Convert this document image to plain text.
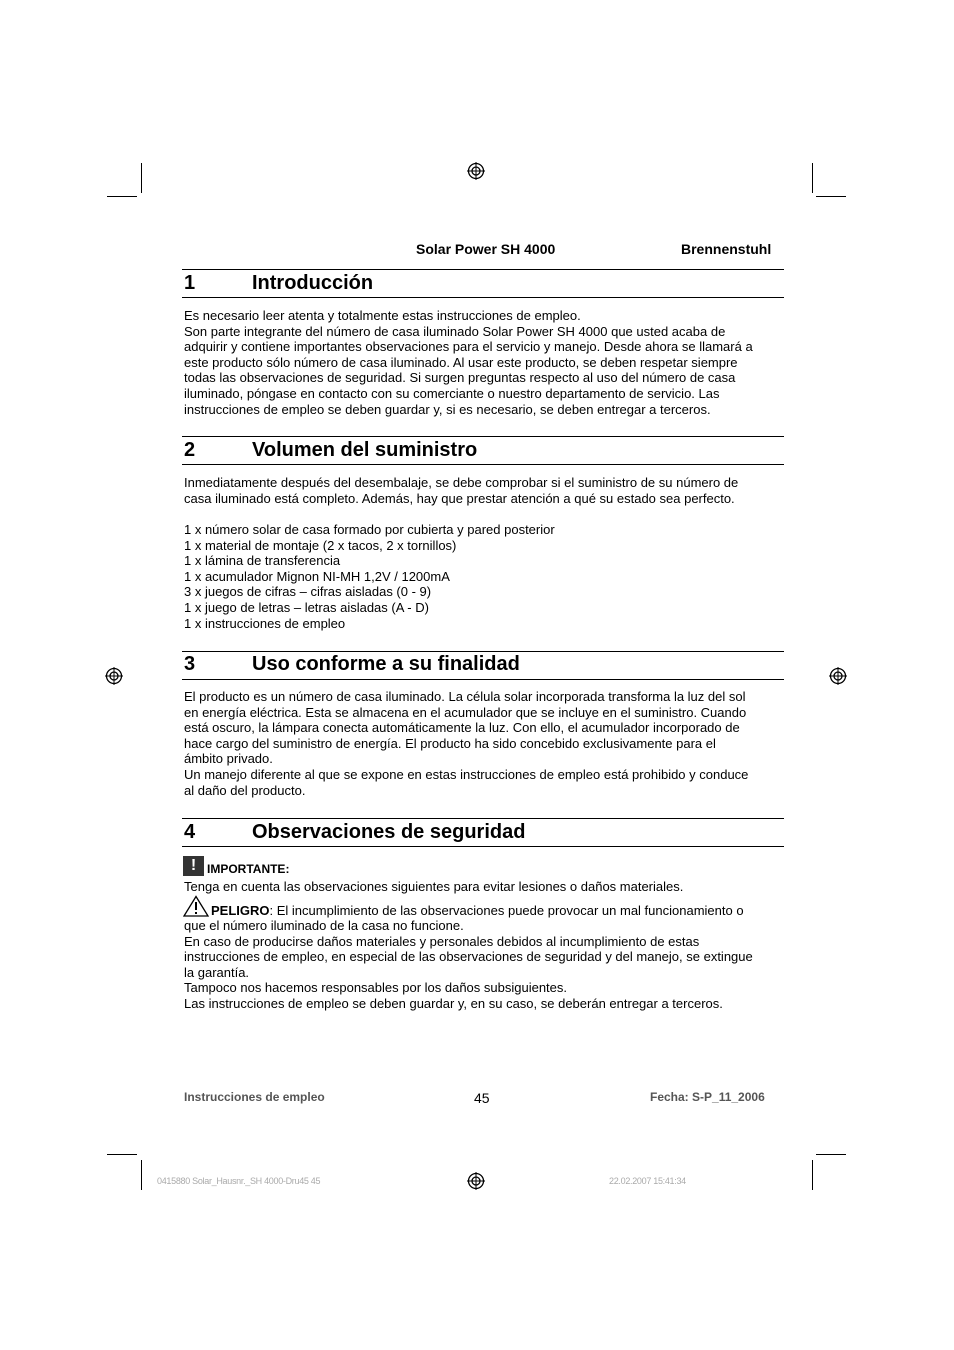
Solar Power SH 4000	Brennenstuhl
1	Introducción
Es necesario leer atenta y totalmente estas instrucciones de empleo.
Son parte integrante del número de casa iluminado Solar Power SH 4000 que usted acaba de
adquirir y contiene importantes observaciones para el servicio y manejo. Desde ahora se llamará a
este producto sólo número de casa iluminado. Al usar este producto, se deben respetar siempre
todas las observaciones de seguridad. Si surgen preguntas respecto al uso del número de casa
iluminado, póngase en contacto con su comerciante o nuestro departamento de servicio. Las
instrucciones de empleo se deben guardar y, si es necesario, se deben entregar a terceros.
2	Volumen del suministro
Inmediatamente después del desembalaje, se debe comprobar si el suministro de su número de
casa iluminado está completo. Además, hay que prestar atención a qué su estado sea perfecto.
1 x número solar de casa formado por cubierta y pared posterior
1 x material de montaje (2 x tacos, 2 x tornillos)
1 x lámina de transferencia
1 x acumulador Mignon NI-MH 1,2V / 1200mA
3 x juegos de cifras – cifras aisladas (0 - 9)
1 x juego de letras – letras aisladas (A - D)
1 x instrucciones de empleo
3	Uso conforme a su finalidad
El producto es un número de casa iluminado. La célula solar incorporada transforma la luz del sol
en energía eléctrica. Esta se almacena en el acumulador que se incluye en el suministro. Cuando
está oscuro, la lámpara conecta automáticamente la luz. Con ello, el acumulador incorporado de
hace cargo del suministro de energía. El producto ha sido concebido exclusivamente para el
ámbito privado.
Un manejo diferente al que se expone en estas instrucciones de empleo está prohibido y conduce
al daño del producto.
4	Observaciones de seguridad
! IMPORTANTE:
Tenga en cuenta las observaciones siguientes para evitar lesiones o daños materiales.
PELIGRO: El incumplimiento de las observaciones puede provocar un mal funcionamiento o
que el número iluminado de la casa no funcione.
En caso de producirse daños materiales y personales debidos al incumplimiento de estas
instrucciones de empleo, en especial de las observaciones de seguridad y del manejo, se extingue
la garantía.
Tampoco nos hacemos responsables por los daños subsiguientes.
Las instrucciones de empleo se deben guardar y, en su caso, se deberán entregar a terceros.
Instrucciones de empleo	45	Fecha: S-P_11_2006
0415880 Solar_Hausnr._SH 4000-Dru45 45	22.02.2007 15:41:34
